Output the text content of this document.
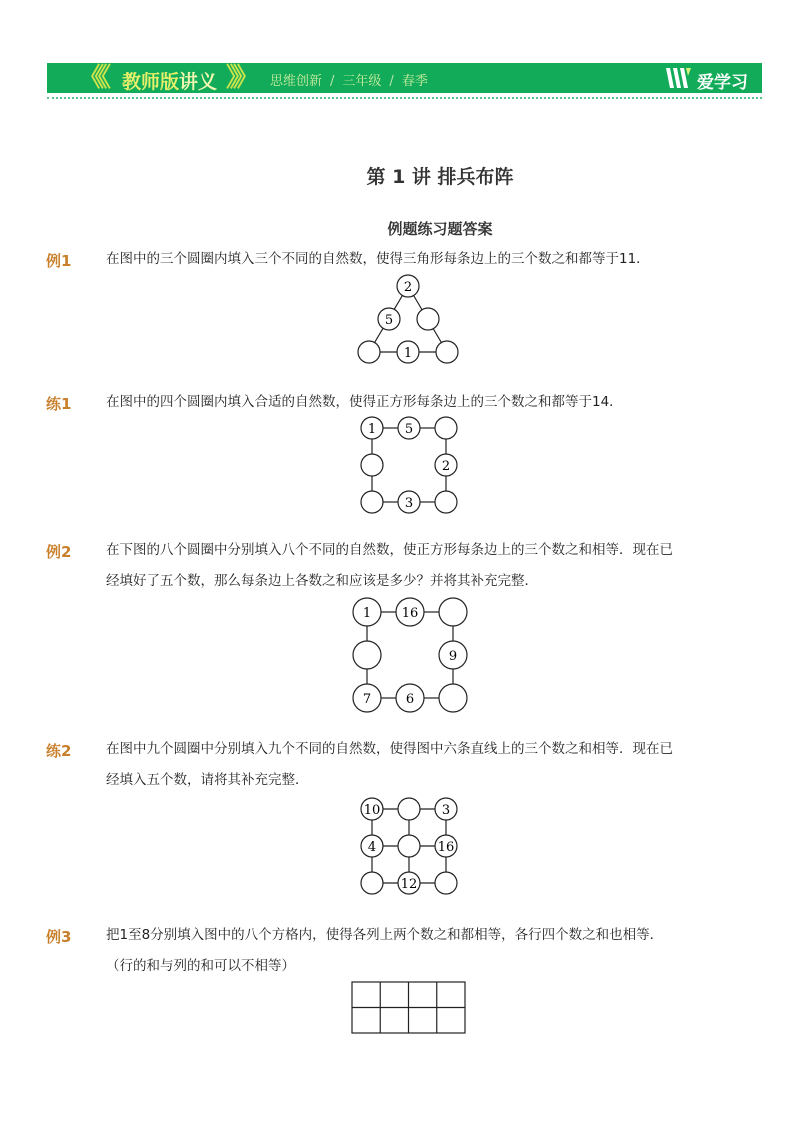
《《 教师版讲义 》》 思维创新 / 三年级 / 春季	爱学习
第 1 讲 排兵布阵
例题练习题答案
例1	在图中的三个圆圈内填入三个不同的自然数，使得三角形每条边上的三个数之和都等于11．
2
5
1
练1	在图中的四个圆圈内填入合适的自然数，使得正方形每条边上的三个数之和都等于14．
1 5
2
3
例2	在下图的八个圆圈中分别填入八个不同的自然数，使正方形每条边上的三个数之和相等．现在已
经填好了五个数，那么每条边上各数之和应该是多少？并将其补充完整．
1 16
9
7	6
练2	在图中九个圆圈中分别填入九个不同的自然数，使得图中六条直线上的三个数之和相等．现在已
经填入五个数，请将其补充完整．
10	3
4	16
12
例3	把1至8分别填入图中的八个方格内，使得各列上两个数之和都相等，各行四个数之和也相等．
（行的和与列的和可以不相等）
